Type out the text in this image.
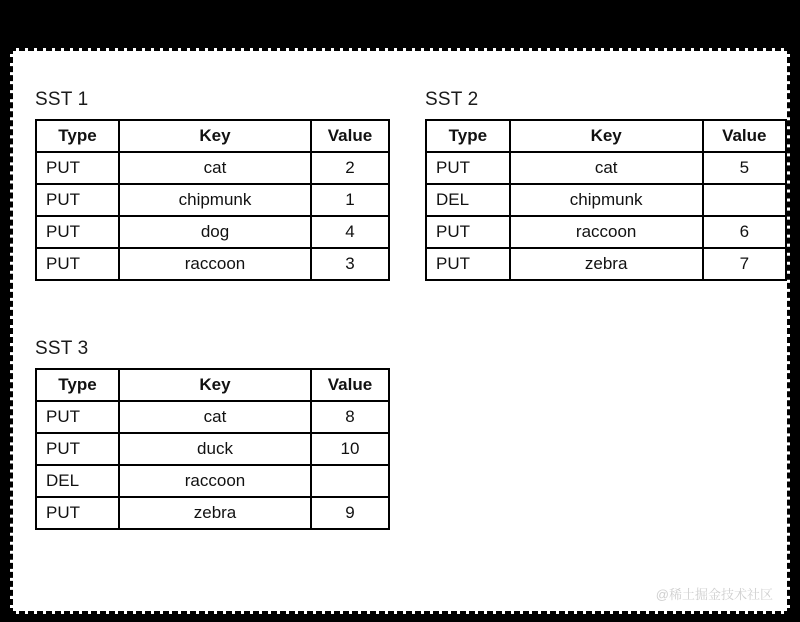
SST 1
Type	Key	Value
PUT	cat	2
PUT	chipmunk	1
PUT	dog	4
PUT	raccoon	3
SST 2
Type	Key	Value
PUT	cat	5
DEL	chipmunk	
PUT	raccoon	6
PUT	zebra	7
SST 3
Type	Key	Value
PUT	cat	8
PUT	duck	10
DEL	raccoon	
PUT	zebra	9
@稀土掘金技术社区
